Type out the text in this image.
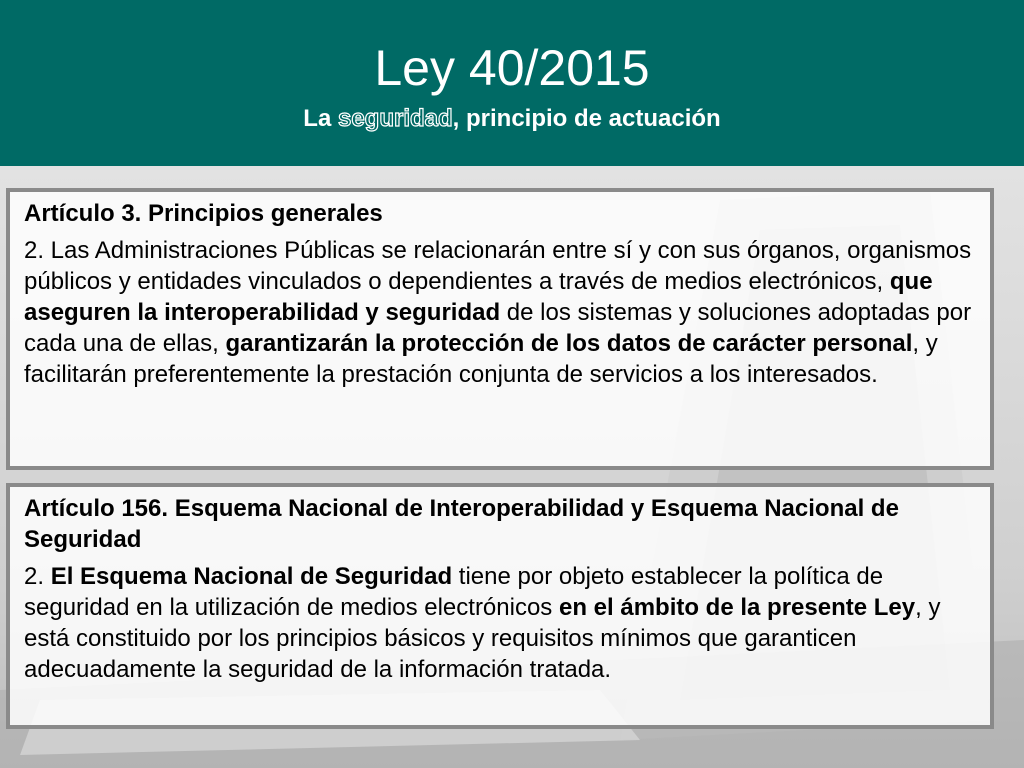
Ley 40/2015
La seguridad, principio de actuación
Artículo 3. Principios generales

2. Las Administraciones Públicas se relacionarán entre sí y con sus órganos, organismos públicos y entidades vinculados o dependientes a través de medios electrónicos, que aseguren la interoperabilidad y seguridad de los sistemas y soluciones adoptadas por cada una de ellas, garantizarán la protección de los datos de carácter personal, y facilitarán preferentemente la prestación conjunta de servicios a los interesados.

Artículo 156. Esquema Nacional de Interoperabilidad y Esquema Nacional de Seguridad

2. El Esquema Nacional de Seguridad tiene por objeto establecer la política de seguridad en la utilización de medios electrónicos en el ámbito de la presente Ley, y está constituido por los principios básicos y requisitos mínimos que garanticen adecuadamente la seguridad de la información tratada.
